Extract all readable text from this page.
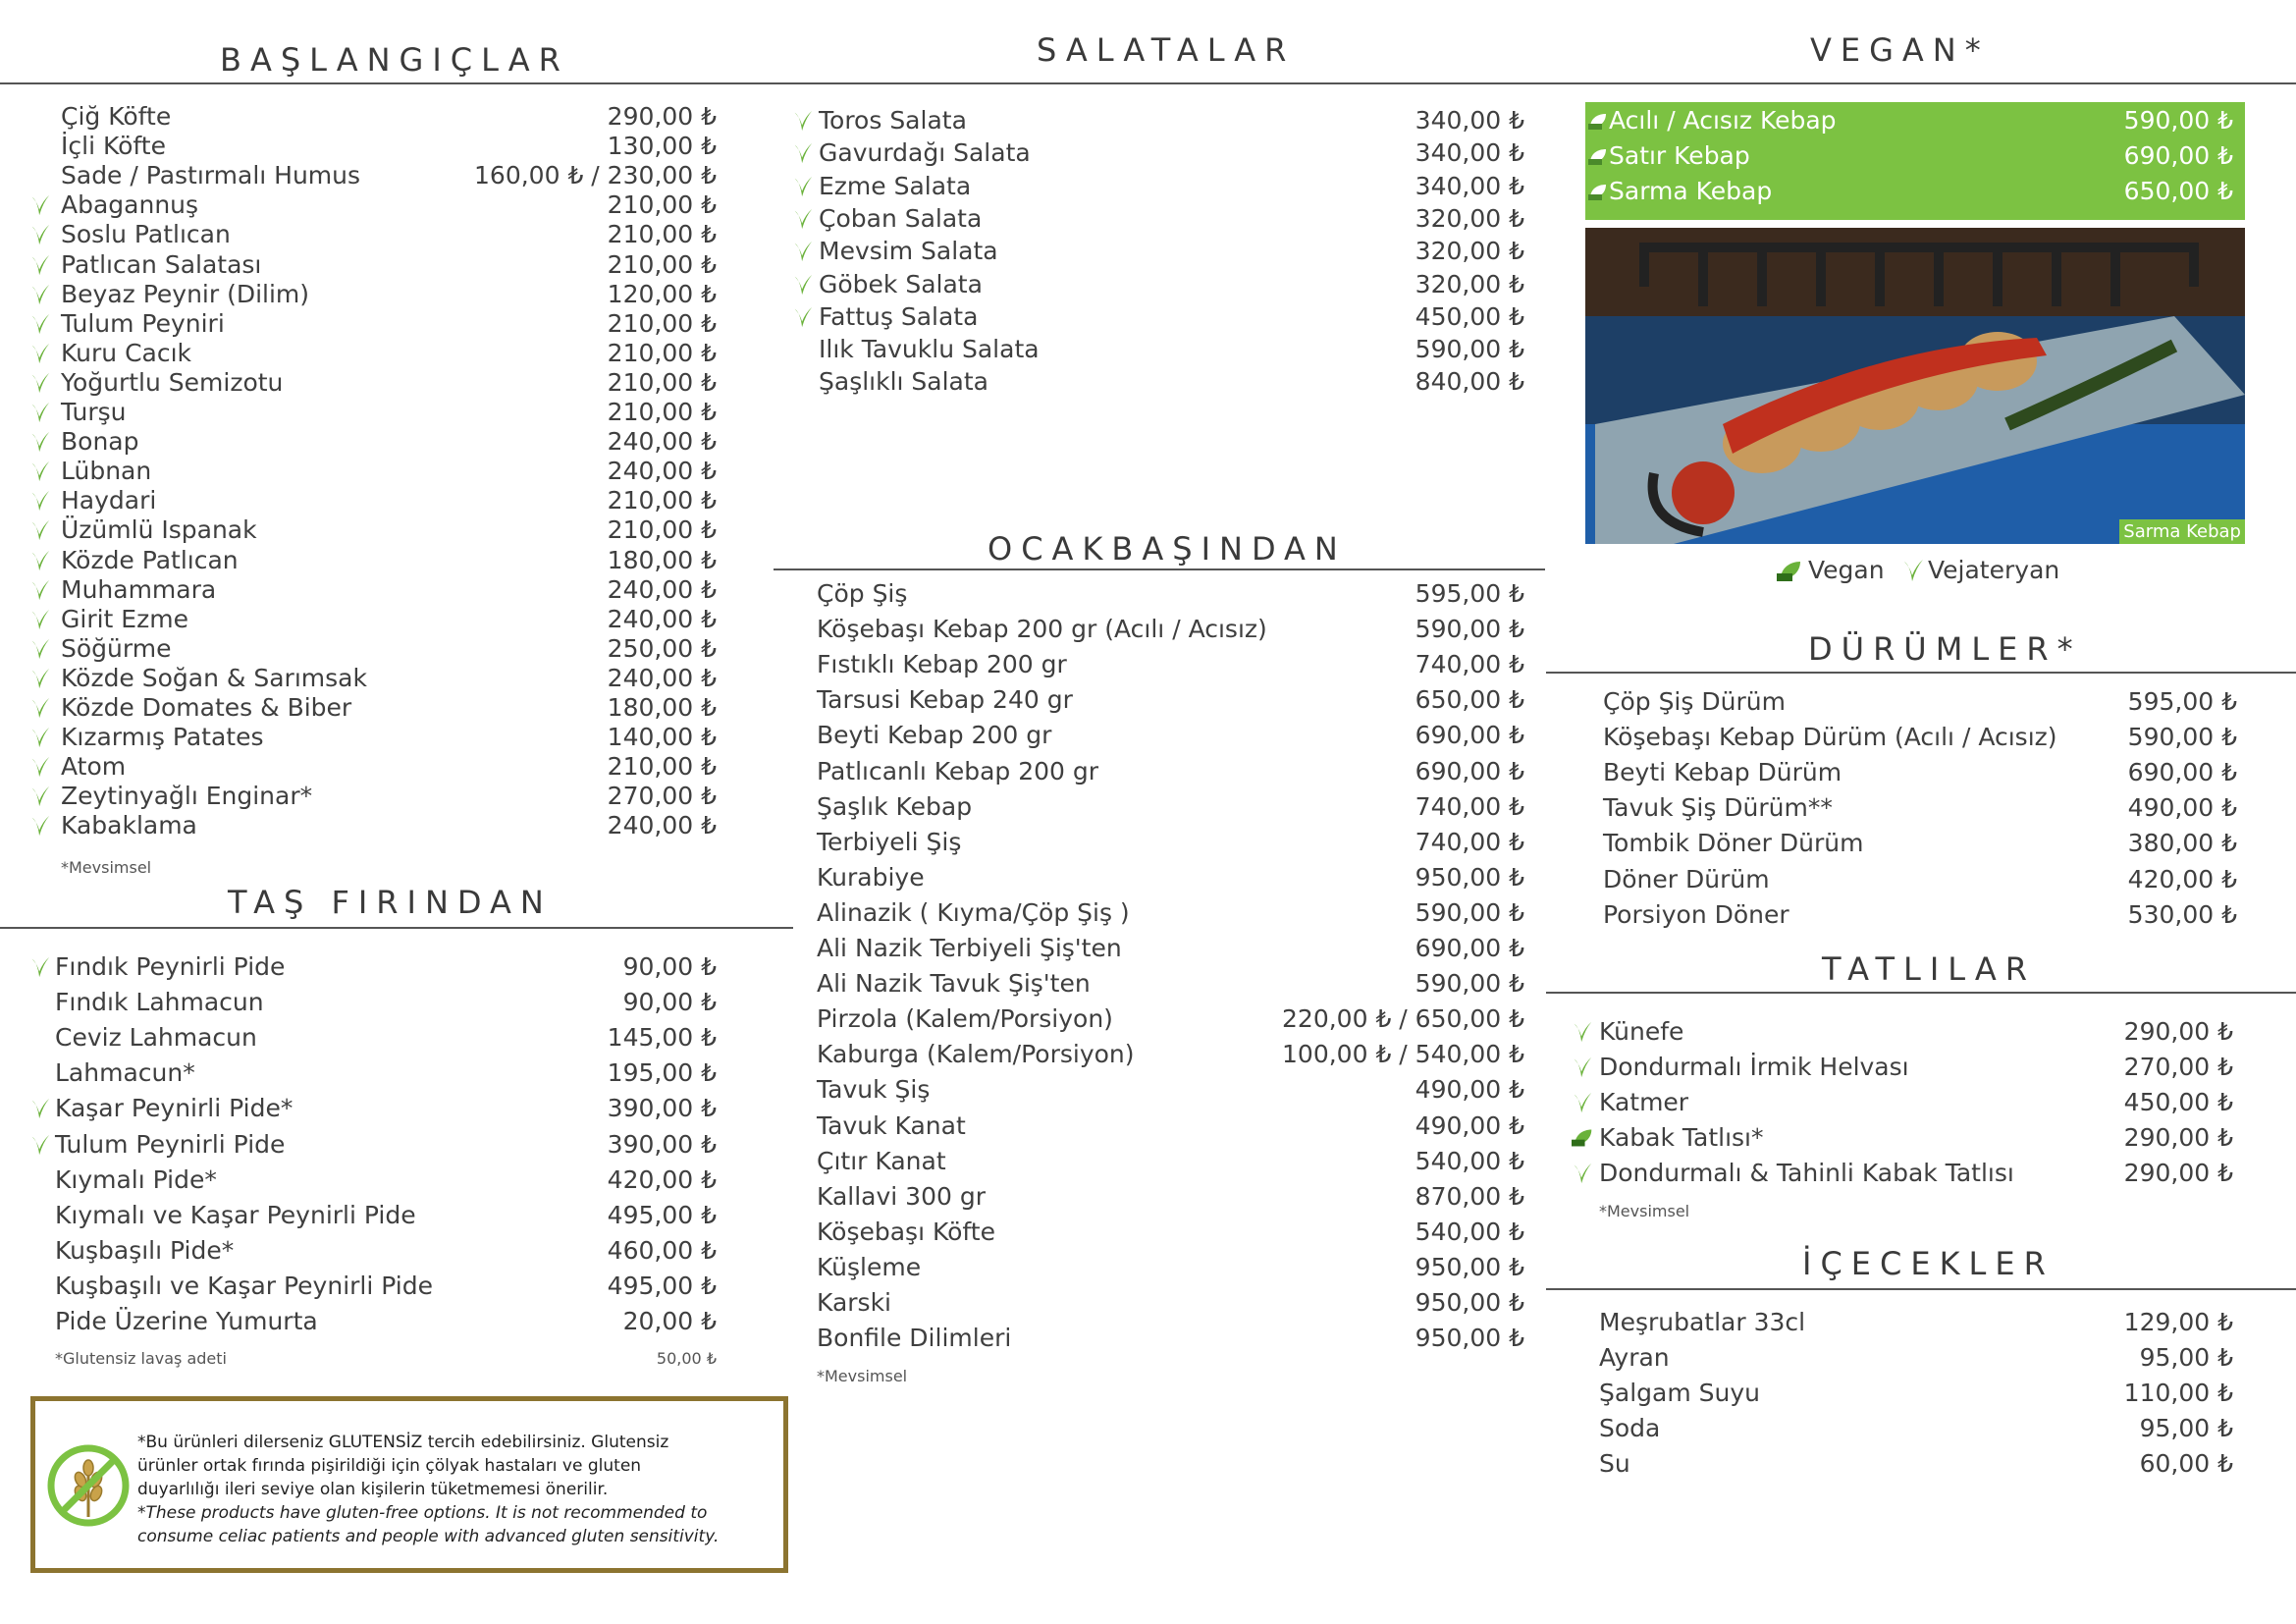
BAŞLANGIÇLAR
Çiğ Köfte	290,00 ₺
İçli Köfte	130,00 ₺
Sade / Pastırmalı Humus	160,00 ₺ / 230,00 ₺
Abagannuş	210,00 ₺
Soslu Patlıcan	210,00 ₺
Patlıcan Salatası	210,00 ₺
Beyaz Peynir (Dilim)	120,00 ₺
Tulum Peyniri	210,00 ₺
Kuru Cacık	210,00 ₺
Yoğurtlu Semizotu	210,00 ₺
Turşu	210,00 ₺
Bonap	240,00 ₺
Lübnan	240,00 ₺
Haydari	210,00 ₺
Üzümlü Ispanak	210,00 ₺
Közde Patlıcan	180,00 ₺
Muhammara	240,00 ₺
Girit Ezme	240,00 ₺
Söğürme	250,00 ₺
Közde Soğan & Sarımsak	240,00 ₺
Közde Domates & Biber	180,00 ₺
Kızarmış Patates	140,00 ₺
Atom	210,00 ₺
Zeytinyağlı Enginar*	270,00 ₺
Kabaklama	240,00 ₺
*Mevsimsel
TAŞ FIRINDAN
Fındık Peynirli Pide	90,00 ₺
Fındık Lahmacun	90,00 ₺
Ceviz Lahmacun	145,00 ₺
Lahmacun*	195,00 ₺
Kaşar Peynirli Pide*	390,00 ₺
Tulum Peynirli Pide	390,00 ₺
Kıymalı Pide*	420,00 ₺
Kıymalı ve Kaşar Peynirli Pide	495,00 ₺
Kuşbaşılı Pide*	460,00 ₺
Kuşbaşılı ve Kaşar Peynirli Pide	495,00 ₺
Pide Üzerine Yumurta	20,00 ₺
*Glutensiz lavaş adeti	50,00 ₺
*Bu ürünleri dilerseniz GLUTENSİZ tercih edebilirsiniz. Glutensiz
ürünler ortak fırında pişirildiği için çölyak hastaları ve gluten
duyarlılığı ileri seviye olan kişilerin tüketmemesi önerilir.
*These products have gluten-free options. It is not recommended to
consume celiac patients and people with advanced gluten sensitivity.
SALATALAR
Toros Salata	340,00 ₺
Gavurdağı Salata	340,00 ₺
Ezme Salata	340,00 ₺
Çoban Salata	320,00 ₺
Mevsim Salata	320,00 ₺
Göbek Salata	320,00 ₺
Fattuş Salata	450,00 ₺
Ilık Tavuklu Salata	590,00 ₺
Şaşlıklı Salata	840,00 ₺
OCAKBAŞINDAN
Çöp Şiş	595,00 ₺
Köşebaşı Kebap 200 gr (Acılı / Acısız)	590,00 ₺
Fıstıklı Kebap 200 gr	740,00 ₺
Tarsusi Kebap 240 gr	650,00 ₺
Beyti Kebap 200 gr	690,00 ₺
Patlıcanlı Kebap 200 gr	690,00 ₺
Şaşlık Kebap	740,00 ₺
Terbiyeli Şiş	740,00 ₺
Kurabiye	950,00 ₺
Alinazik ( Kıyma/Çöp Şiş )	590,00 ₺
Ali Nazik Terbiyeli Şiş'ten	690,00 ₺
Ali Nazik Tavuk Şiş'ten	590,00 ₺
Pirzola (Kalem/Porsiyon)	220,00 ₺ / 650,00 ₺
Kaburga (Kalem/Porsiyon)	100,00 ₺ / 540,00 ₺
Tavuk Şiş	490,00 ₺
Tavuk Kanat	490,00 ₺
Çıtır Kanat	540,00 ₺
Kallavi 300 gr	870,00 ₺
Köşebaşı Köfte	540,00 ₺
Küşleme	950,00 ₺
Karski	950,00 ₺
Bonfile Dilimleri	950,00 ₺
*Mevsimsel
VEGAN*
Acılı / Acısız Kebap	590,00 ₺
Satır Kebap	690,00 ₺
Sarma Kebap	650,00 ₺
Sarma Kebap
Vegan Vejateryan
DÜRÜMLER*
Çöp Şiş Dürüm	595,00 ₺
Köşebaşı Kebap Dürüm (Acılı / Acısız)	590,00 ₺
Beyti Kebap Dürüm	690,00 ₺
Tavuk Şiş Dürüm**	490,00 ₺
Tombik Döner Dürüm	380,00 ₺
Döner Dürüm	420,00 ₺
Porsiyon Döner	530,00 ₺
TATLILAR
Künefe	290,00 ₺
Dondurmalı İrmik Helvası	270,00 ₺
Katmer	450,00 ₺
Kabak Tatlısı*	290,00 ₺
Dondurmalı & Tahinli Kabak Tatlısı	290,00 ₺
*Mevsimsel
İÇECEKLER
Meşrubatlar 33cl	129,00 ₺
Ayran	95,00 ₺
Şalgam Suyu	110,00 ₺
Soda	95,00 ₺
Su	60,00 ₺
